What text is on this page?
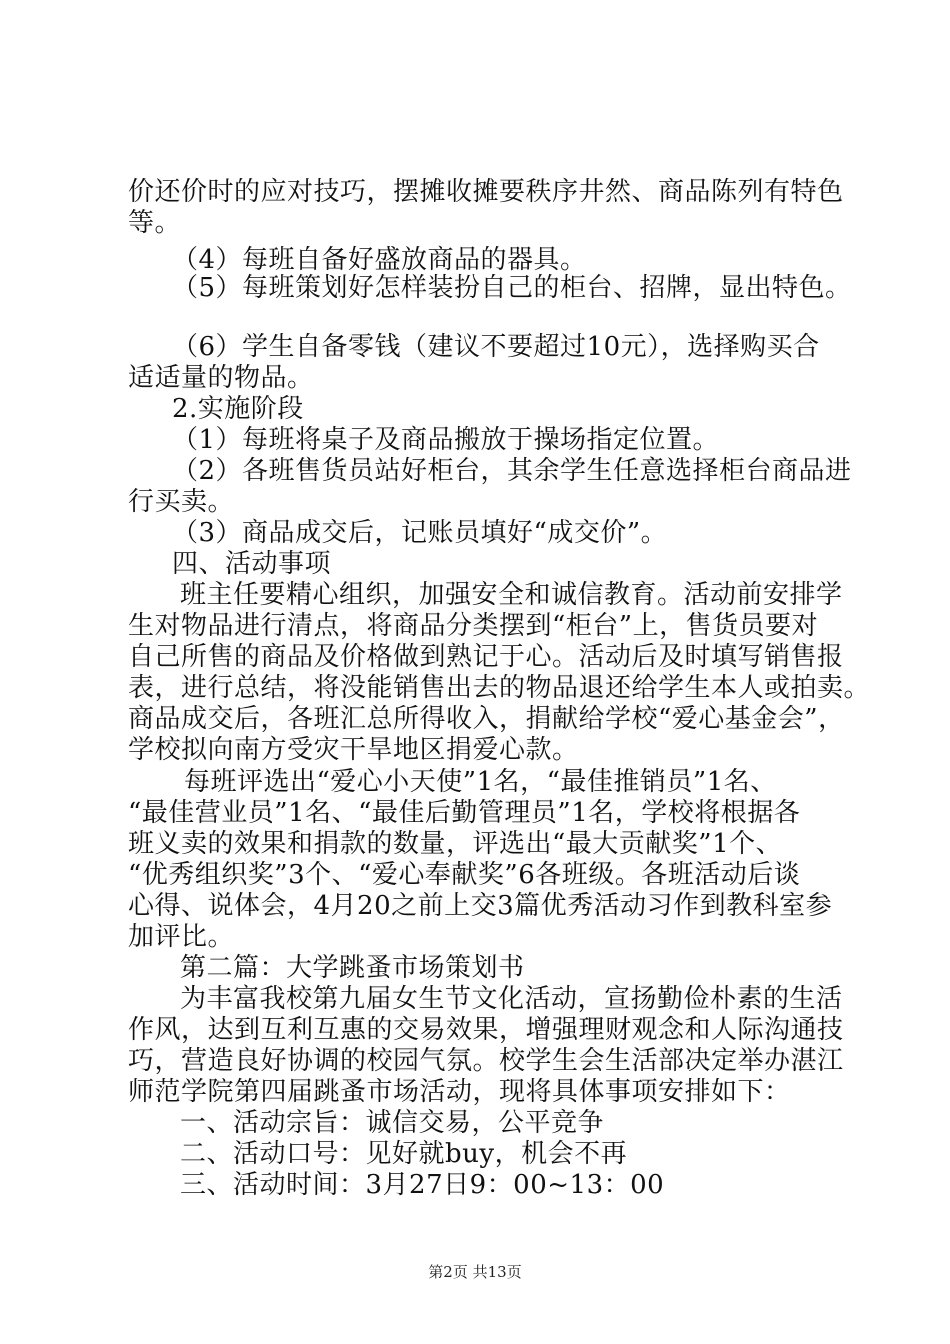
价还价时的应对技巧，摆摊收摊要秩序井然、商品陈列有特色
等。
（4）每班自备好盛放商品的器具。
（5）每班策划好怎样装扮自己的柜台、招牌，显出特色。
（6）学生自备零钱（建议不要超过10元），选择购买合
适适量的物品。
2.实施阶段
（1）每班将桌子及商品搬放于操场指定位置。
（2）各班售货员站好柜台，其余学生任意选择柜台商品进
行买卖。
（3）商品成交后，记账员填好“成交价”。
四、活动事项
班主任要精心组织，加强安全和诚信教育。活动前安排学
生对物品进行清点，将商品分类摆到“柜台”上，售货员要对
自己所售的商品及价格做到熟记于心。活动后及时填写销售报
表，进行总结，将没能销售出去的物品退还给学生本人或拍卖。
商品成交后，各班汇总所得收入，捐献给学校“爱心基金会”，
学校拟向南方受灾干旱地区捐爱心款。
每班评选出“爱心小天使”1名，“最佳推销员”1名、
“最佳营业员”1名、“最佳后勤管理员”1名，学校将根据各
班义卖的效果和捐款的数量，评选出“最大贡献奖”1个、
“优秀组织奖”3个、“爱心奉献奖”6各班级。各班活动后谈
心得、说体会，4月20之前上交3篇优秀活动习作到教科室参
加评比。
第二篇：大学跳蚤市场策划书
为丰富我校第九届女生节文化活动，宣扬勤俭朴素的生活
作风，达到互利互惠的交易效果，增强理财观念和人际沟通技
巧，营造良好协调的校园气氛。校学生会生活部决定举办湛江
师范学院第四届跳蚤市场活动，现将具体事项安排如下：
一、活动宗旨：诚信交易，公平竞争
二、活动口号：见好就buy，机会不再
三、活动时间：3月27日9：00~13：00
第2页 共13页
